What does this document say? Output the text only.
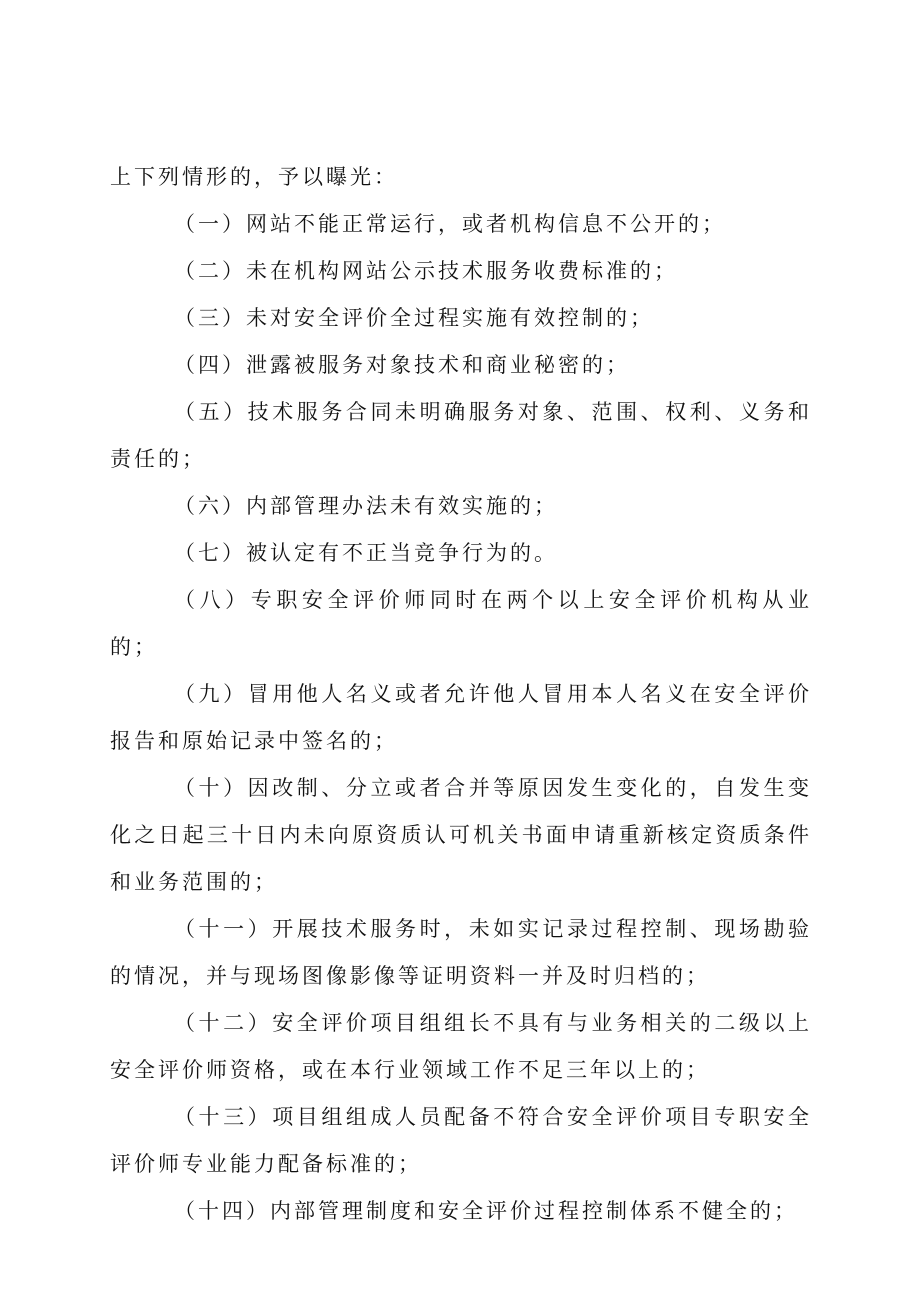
上下列情形的，予以曝光：

（一）网站不能正常运行，或者机构信息不公开的；

（二）未在机构网站公示技术服务收费标准的；

（三）未对安全评价全过程实施有效控制的；

（四）泄露被服务对象技术和商业秘密的；

（五）技术服务合同未明确服务对象、范围、权利、义务和责任的；

（六）内部管理办法未有效实施的；

（七）被认定有不正当竞争行为的。

（八）专职安全评价师同时在两个以上安全评价机构从业的；

（九）冒用他人名义或者允许他人冒用本人名义在安全评价报告和原始记录中签名的；

（十）因改制、分立或者合并等原因发生变化的，自发生变化之日起三十日内未向原资质认可机关书面申请重新核定资质条件和业务范围的；

（十一）开展技术服务时，未如实记录过程控制、现场勘验的情况，并与现场图像影像等证明资料一并及时归档的；

（十二）安全评价项目组组长不具有与业务相关的二级以上安全评价师资格，或在本行业领域工作不足三年以上的；

（十三）项目组组成人员配备不符合安全评价项目专职安全评价师专业能力配备标准的；

（十四）内部管理制度和安全评价过程控制体系不健全的；
